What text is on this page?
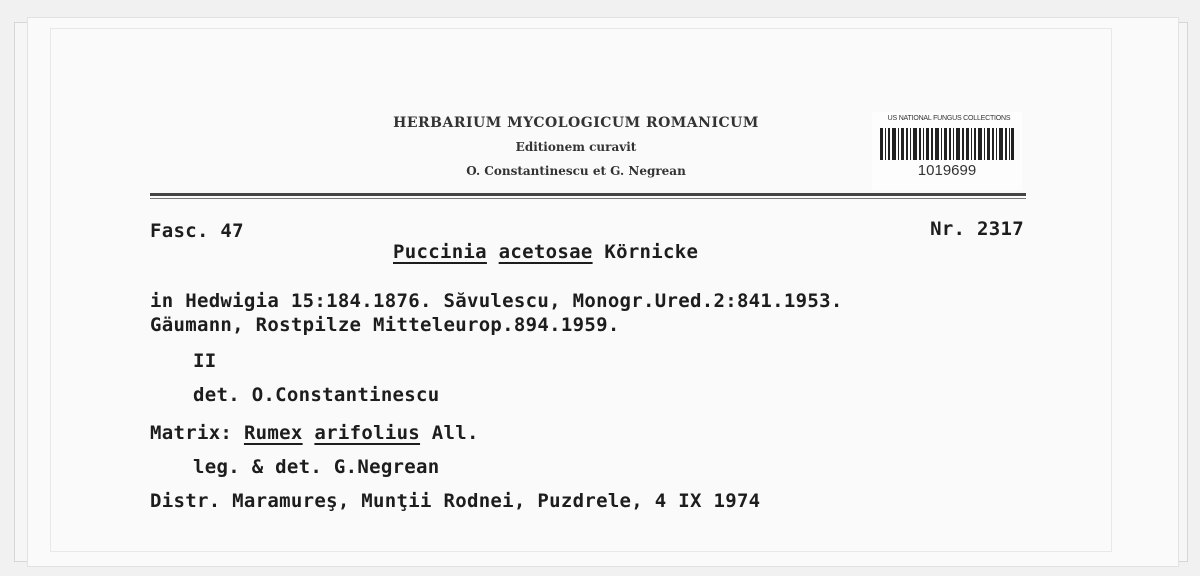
HERBARIUM MYCOLOGICUM ROMANICUM
Editionem curavit
O. Constantinescu et G. Negrean
US NATIONAL FUNGUS COLLECTIONS
1019699
Fasc. 47	Nr. 2317
Puccinia acetosae Körnicke
in Hedwigia 15:184.1876. Săvulescu, Monogr.Ured.2:841.1953.
Gäumann, Rostpilze Mitteleurop.894.1959.
II
det. O.Constantinescu
Matrix: Rumex arifolius All.
leg. & det. G.Negrean
Distr. Maramureş, Munţii Rodnei, Puzdrele, 4 IX 1974
